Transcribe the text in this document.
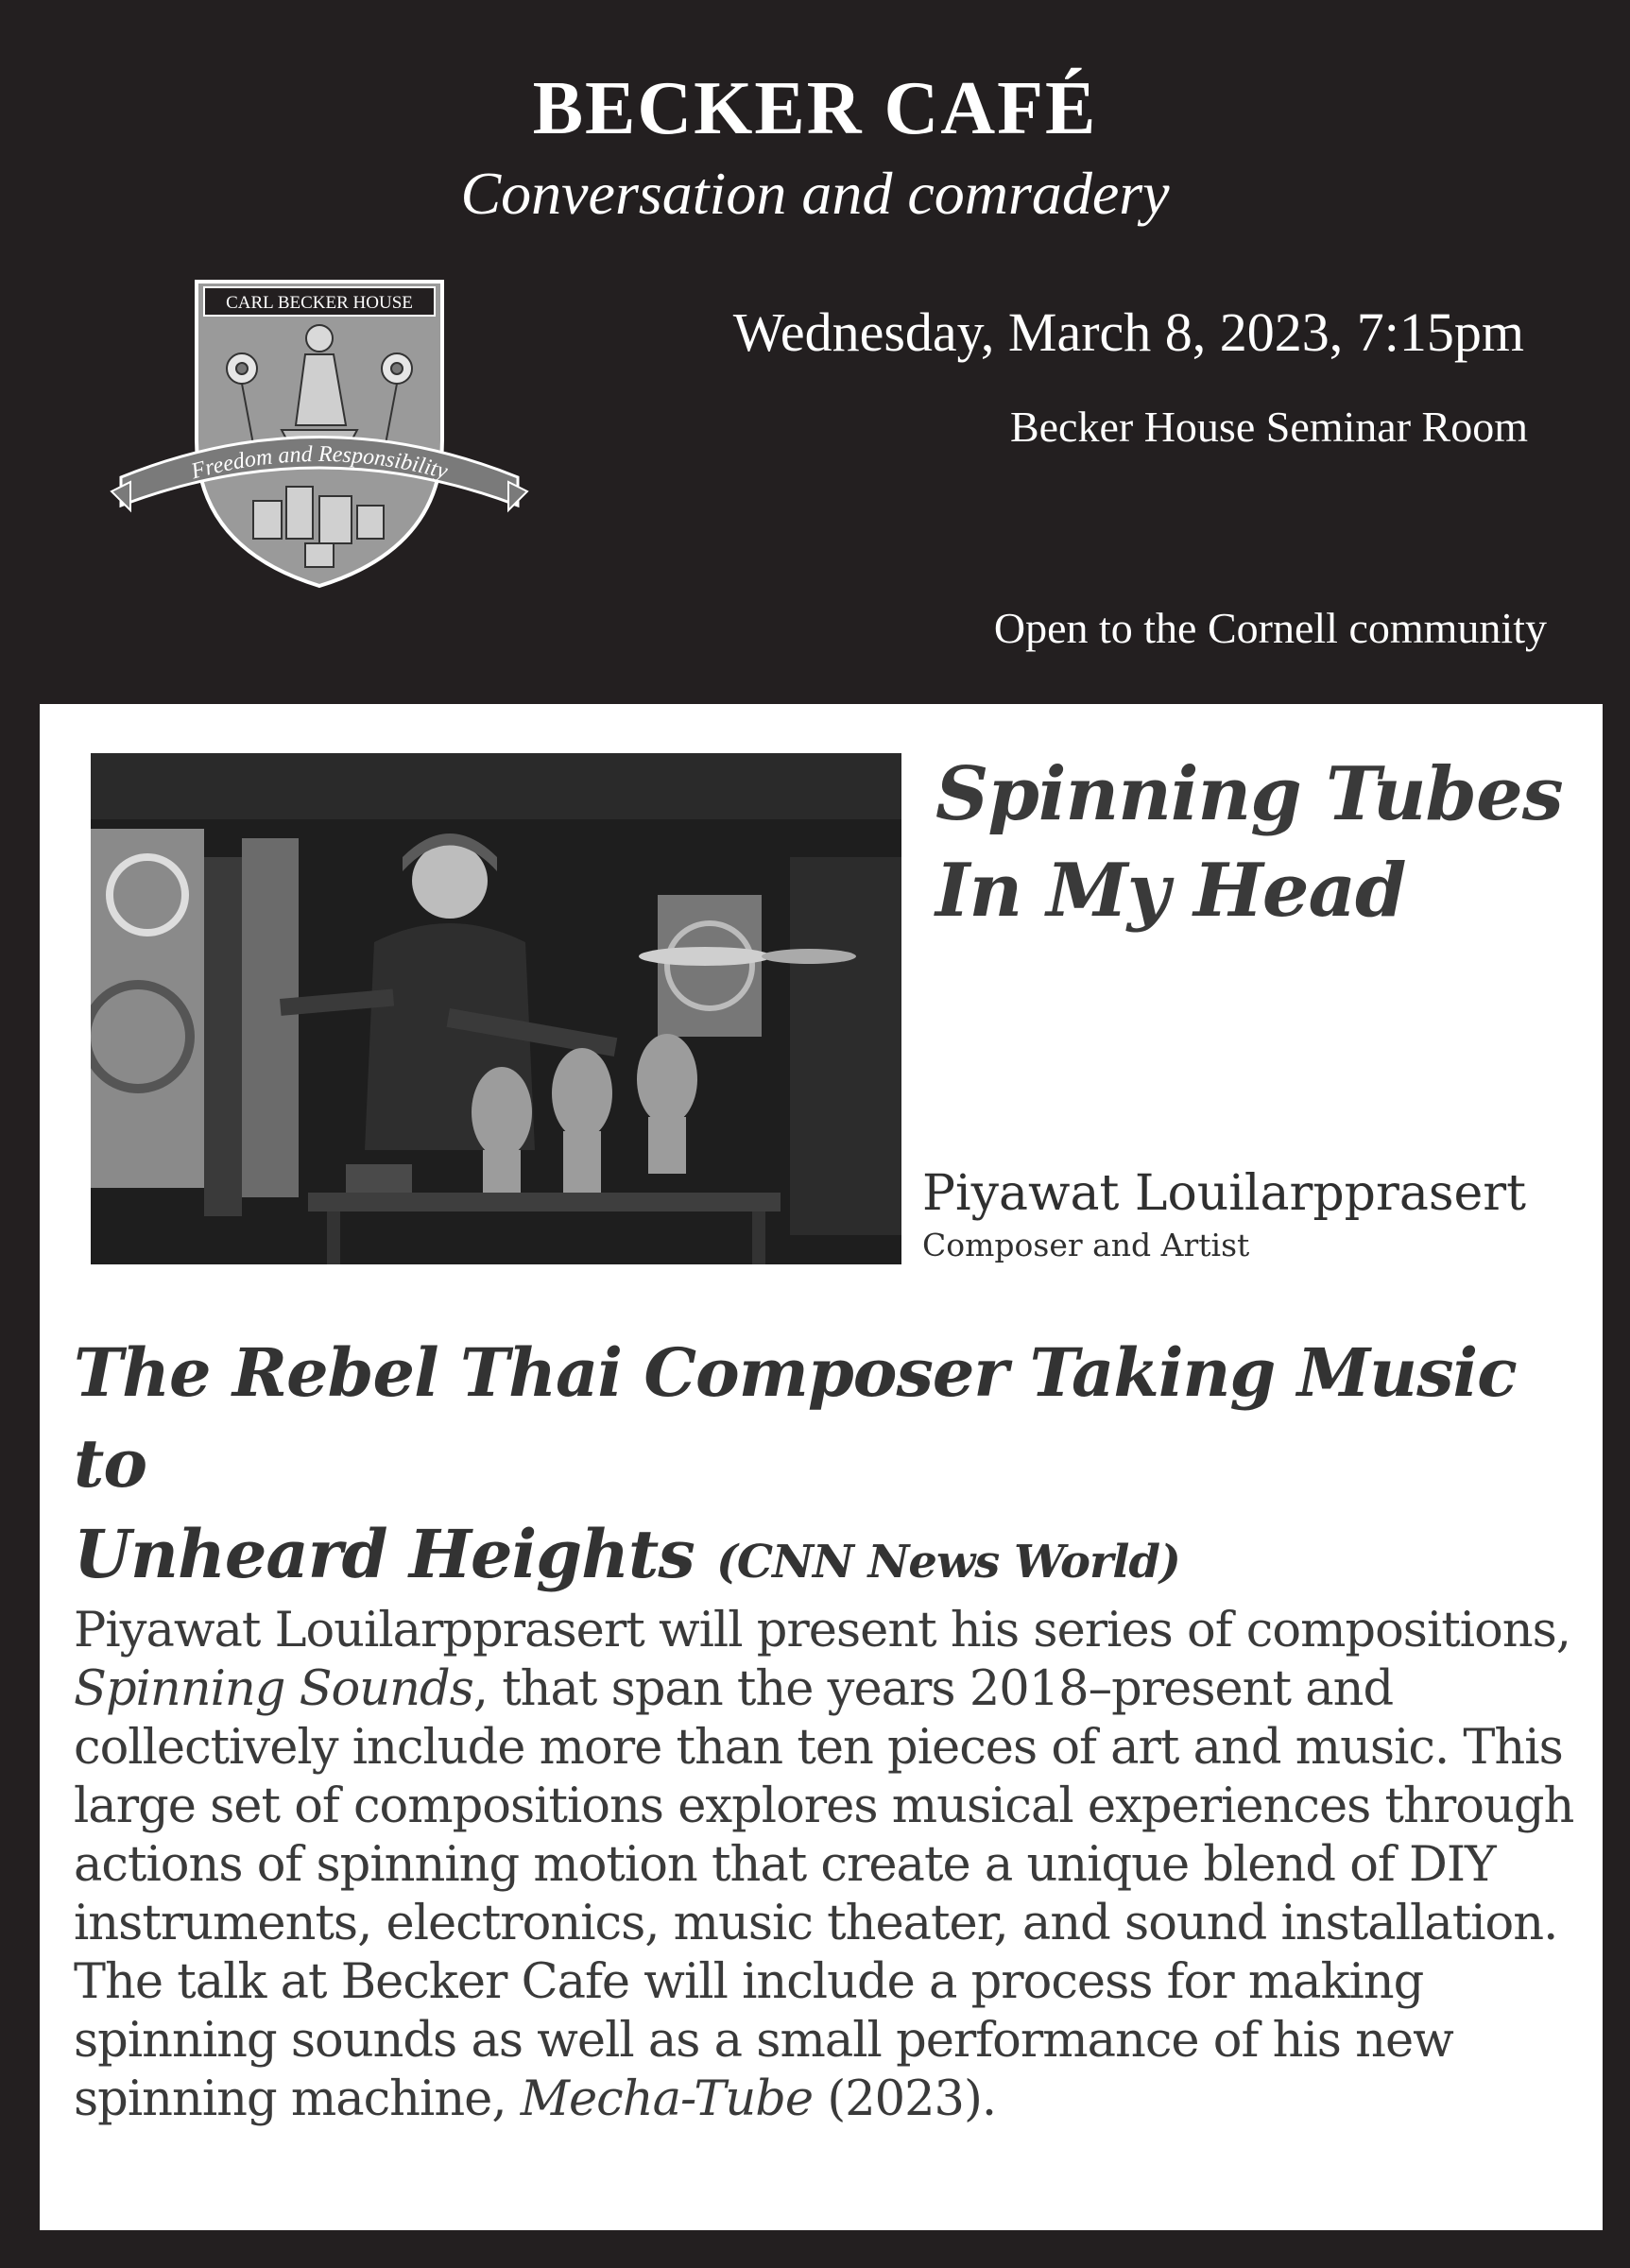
BECKER CAFÉ
Conversation and comradery
CARL BECKER HOUSE
Freedom and Responsibility
Wednesday, March 8, 2023, 7:15pm
Becker House Seminar Room
Open to the Cornell community
Spinning Tubes
In My Head
Piyawat Louilarpprasert
Composer and Artist
The Rebel Thai Composer Taking Music to
Unheard Heights (CNN News World)
Piyawat Louilarpprasert will present his series of compositions, Spinning Sounds, that span the years 2018–present and collectively include more than ten pieces of art and music. This large set of compositions explores musical experiences through actions of spinning motion that create a unique blend of DIY instruments, electronics, music theater, and sound installation. The talk at Becker Cafe will include a process for making spinning sounds as well as a small performance of his new spinning machine, Mecha-Tube (2023).
